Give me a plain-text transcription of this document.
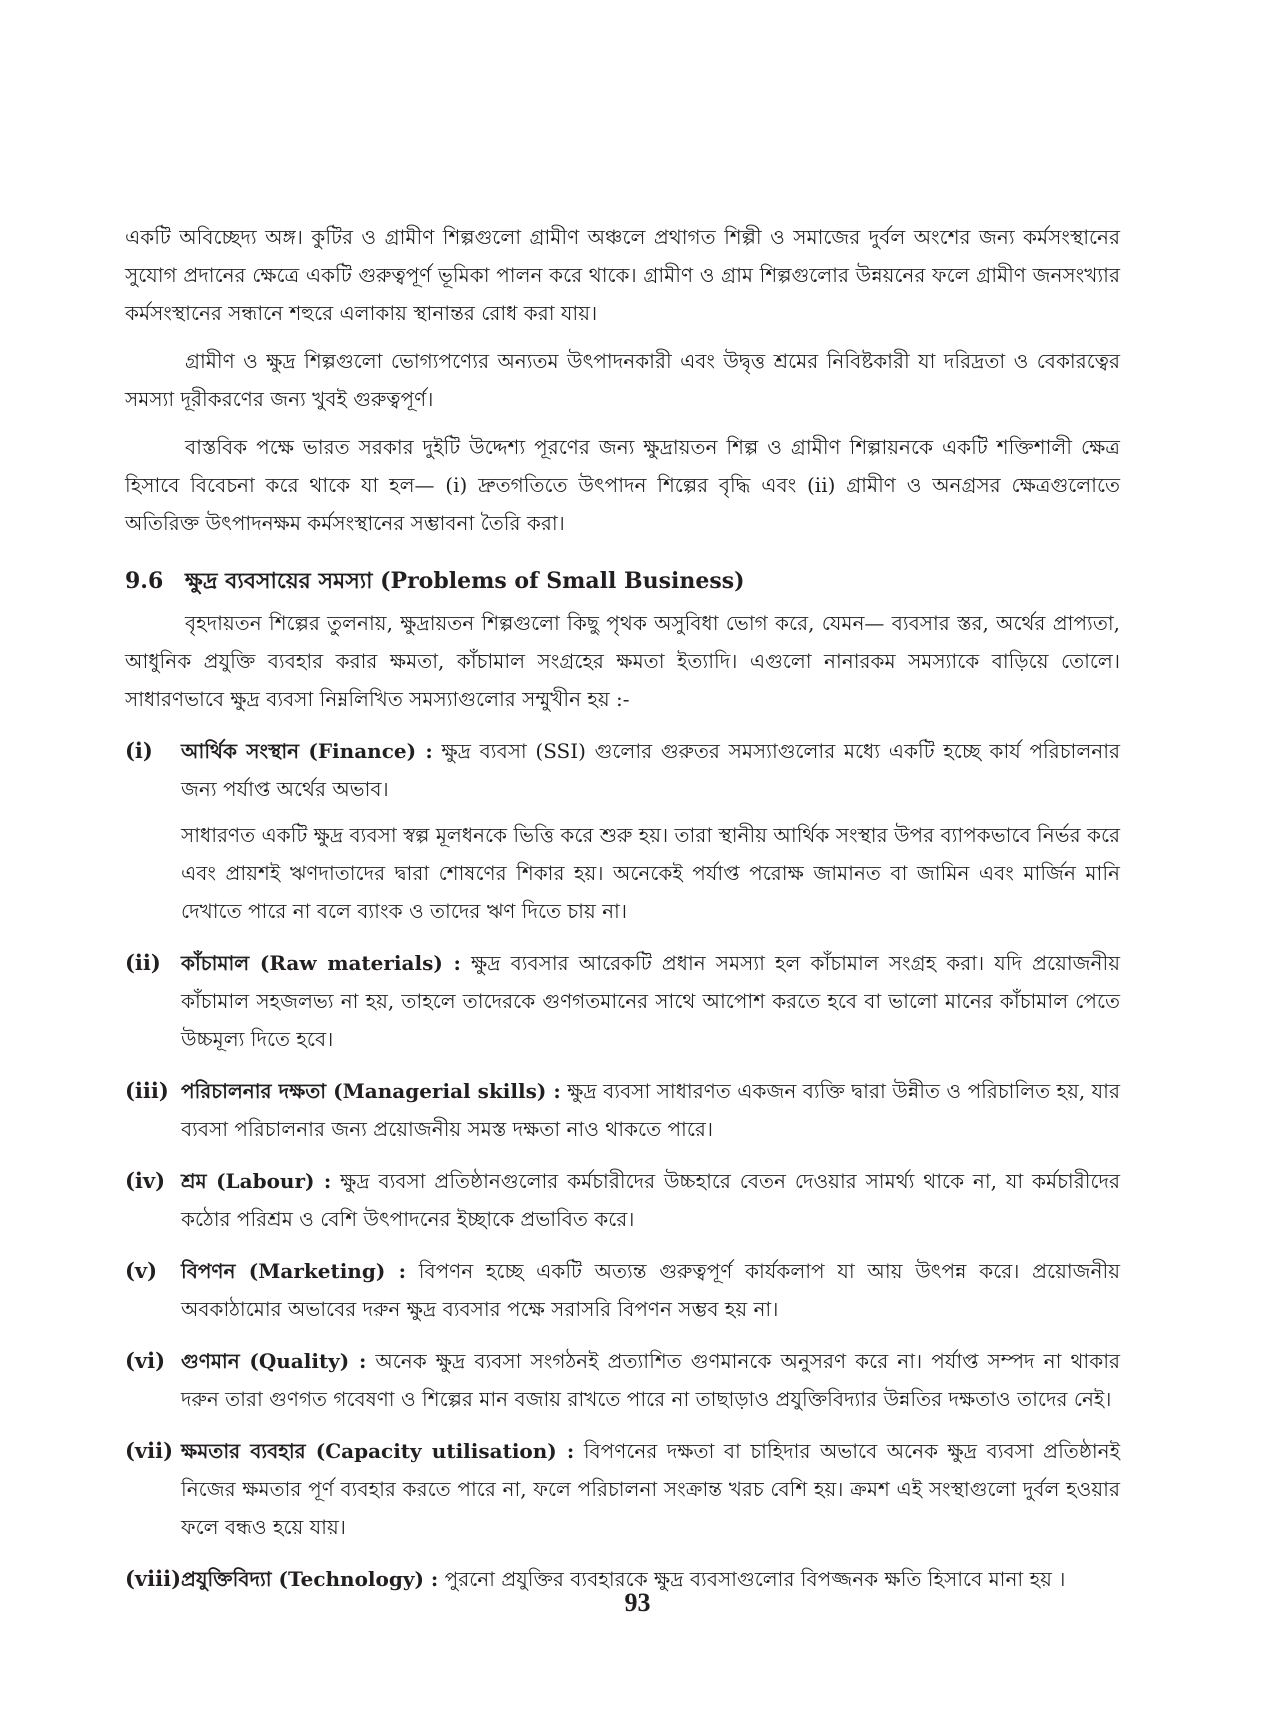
একটি অবিচ্ছেদ্য অঙ্গ। কুটির ও গ্রামীণ শিল্পগুলো গ্রামীণ অঞ্চলে প্রথাগত শিল্পী ও সমাজের দুর্বল অংশের জন্য কর্মসংস্থানের সুযোগ প্রদানের ক্ষেত্রে একটি গুরুত্বপূর্ণ ভূমিকা পালন করে থাকে। গ্রামীণ ও গ্রাম শিল্পগুলোর উন্নয়নের ফলে গ্রামীণ জনসংখ্যার কর্মসংস্থানের সন্ধানে শহুরে এলাকায় স্থানান্তর রোধ করা যায়।

গ্রামীণ ও ক্ষুদ্র শিল্পগুলো ভোগ্যপণ্যের অন্যতম উৎপাদনকারী এবং উদ্বৃত্ত শ্রমের নিবিষ্টকারী যা দরিদ্রতা ও বেকারত্বের সমস্যা দূরীকরণের জন্য খুবই গুরুত্বপূর্ণ।

বাস্তবিক পক্ষে ভারত সরকার দুইটি উদ্দেশ্য পূরণের জন্য ক্ষুদ্রায়তন শিল্প ও গ্রামীণ শিল্পায়নকে একটি শক্তিশালী ক্ষেত্র হিসাবে বিবেচনা করে থাকে যা হল— (i) দ্রুতগতিতে উৎপাদন শিল্পের বৃদ্ধি এবং (ii) গ্রামীণ ও অনগ্রসর ক্ষেত্রগুলোতে অতিরিক্ত উৎপাদনক্ষম কর্মসংস্থানের সম্ভাবনা তৈরি করা।

9.6 ক্ষুদ্র ব্যবসায়ের সমস্যা (Problems of Small Business)

বৃহদায়তন শিল্পের তুলনায়, ক্ষুদ্রায়তন শিল্পগুলো কিছু পৃথক অসুবিধা ভোগ করে, যেমন— ব্যবসার স্তর, অর্থের প্রাপ্যতা, আধুনিক প্রযুক্তি ব্যবহার করার ক্ষমতা, কাঁচামাল সংগ্রহের ক্ষমতা ইত্যাদি। এগুলো নানারকম সমস্যাকে বাড়িয়ে তোলে। সাধারণভাবে ক্ষুদ্র ব্যবসা নিম্নলিখিত সমস্যাগুলোর সম্মুখীন হয় :-

(i)	আর্থিক সংস্থান (Finance) : ক্ষুদ্র ব্যবসা (SSI) গুলোর গুরুতর সমস্যাগুলোর মধ্যে একটি হচ্ছে কার্য পরিচালনার জন্য পর্যাপ্ত অর্থের অভাব।

সাধারণত একটি ক্ষুদ্র ব্যবসা স্বল্প মূলধনকে ভিত্তি করে শুরু হয়। তারা স্থানীয় আর্থিক সংস্থার উপর ব্যাপকভাবে নির্ভর করে এবং প্রায়শই ঋণদাতাদের দ্বারা শোষণের শিকার হয়। অনেকেই পর্যাপ্ত পরোক্ষ জামানত বা জামিন এবং মার্জিন মানি দেখাতে পারে না বলে ব্যাংক ও তাদের ঋণ দিতে চায় না।

(ii)	কাঁচামাল (Raw materials) : ক্ষুদ্র ব্যবসার আরেকটি প্রধান সমস্যা হল কাঁচামাল সংগ্রহ করা। যদি প্রয়োজনীয় কাঁচামাল সহজলভ্য না হয়, তাহলে তাদেরকে গুণগতমানের সাথে আপোশ করতে হবে বা ভালো মানের কাঁচামাল পেতে উচ্চমূল্য দিতে হবে।

(iii) পরিচালনার দক্ষতা (Managerial skills) : ক্ষুদ্র ব্যবসা সাধারণত একজন ব্যক্তি দ্বারা উন্নীত ও পরিচালিত হয়, যার ব্যবসা পরিচালনার জন্য প্রয়োজনীয় সমস্ত দক্ষতা নাও থাকতে পারে।

(iv) শ্রম (Labour) : ক্ষুদ্র ব্যবসা প্রতিষ্ঠানগুলোর কর্মচারীদের উচ্চহারে বেতন দেওয়ার সামর্থ্য থাকে না, যা কর্মচারীদের কঠোর পরিশ্রম ও বেশি উৎপাদনের ইচ্ছাকে প্রভাবিত করে।

(v)	বিপণন (Marketing) : বিপণন হচ্ছে একটি অত্যন্ত গুরুত্বপূর্ণ কার্যকলাপ যা আয় উৎপন্ন করে। প্রয়োজনীয় অবকাঠামোর অভাবের দরুন ক্ষুদ্র ব্যবসার পক্ষে সরাসরি বিপণন সম্ভব হয় না।

(vi) গুণমান (Quality) : অনেক ক্ষুদ্র ব্যবসা সংগঠনই প্রত্যাশিত গুণমানকে অনুসরণ করে না। পর্যাপ্ত সম্পদ না থাকার দরুন তারা গুণগত গবেষণা ও শিল্পের মান বজায় রাখতে পারে না তাছাড়াও প্রযুক্তিবিদ্যার উন্নতির দক্ষতাও তাদের নেই।

(vii) ক্ষমতার ব্যবহার (Capacity utilisation) : বিপণনের দক্ষতা বা চাহিদার অভাবে অনেক ক্ষুদ্র ব্যবসা প্রতিষ্ঠানই নিজের ক্ষমতার পূর্ণ ব্যবহার করতে পারে না, ফলে পরিচালনা সংক্রান্ত খরচ বেশি হয়। ক্রমশ এই সংস্থাগুলো দুর্বল হওয়ার ফলে বন্ধও হয়ে যায়।

(viii) প্রযুক্তিবিদ্যা (Technology) : পুরনো প্রযুক্তির ব্যবহারকে ক্ষুদ্র ব্যবসাগুলোর বিপজ্জনক ক্ষতি হিসাবে মানা হয় ।

93
